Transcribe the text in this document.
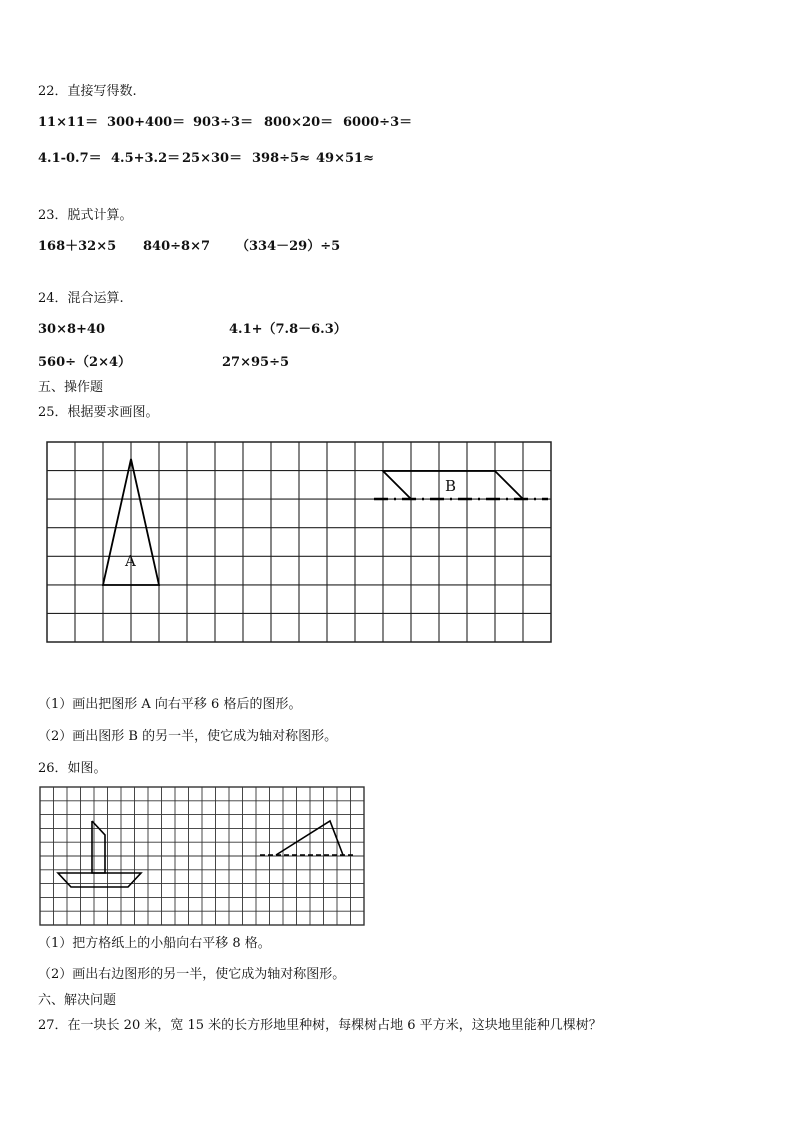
22．直接写得数.
11×11＝ 300+400＝ 903÷3＝ 800×20＝ 6000÷3＝
4.1-0.7＝ 4.5+3.2＝ 25×30＝ 398÷5≈ 49×51≈
23．脱式计算。
168＋32×5 840÷8×7 （334－29）÷5
24．混合运算.
30×8+40	4.1+（7.8－6.3）
560÷（2×4）	27×95÷5
五、操作题
25．根据要求画图。
A
B
（1）画出把图形 A 向右平移 6 格后的图形。
（2）画出图形 B 的另一半，使它成为轴对称图形。
26．如图。
（1）把方格纸上的小船向右平移 8 格。
（2）画出右边图形的另一半，使它成为轴对称图形。
六、解决问题
27．在一块长 20 米，宽 15 米的长方形地里种树，每棵树占地 6 平方米，这块地里能种几棵树？
